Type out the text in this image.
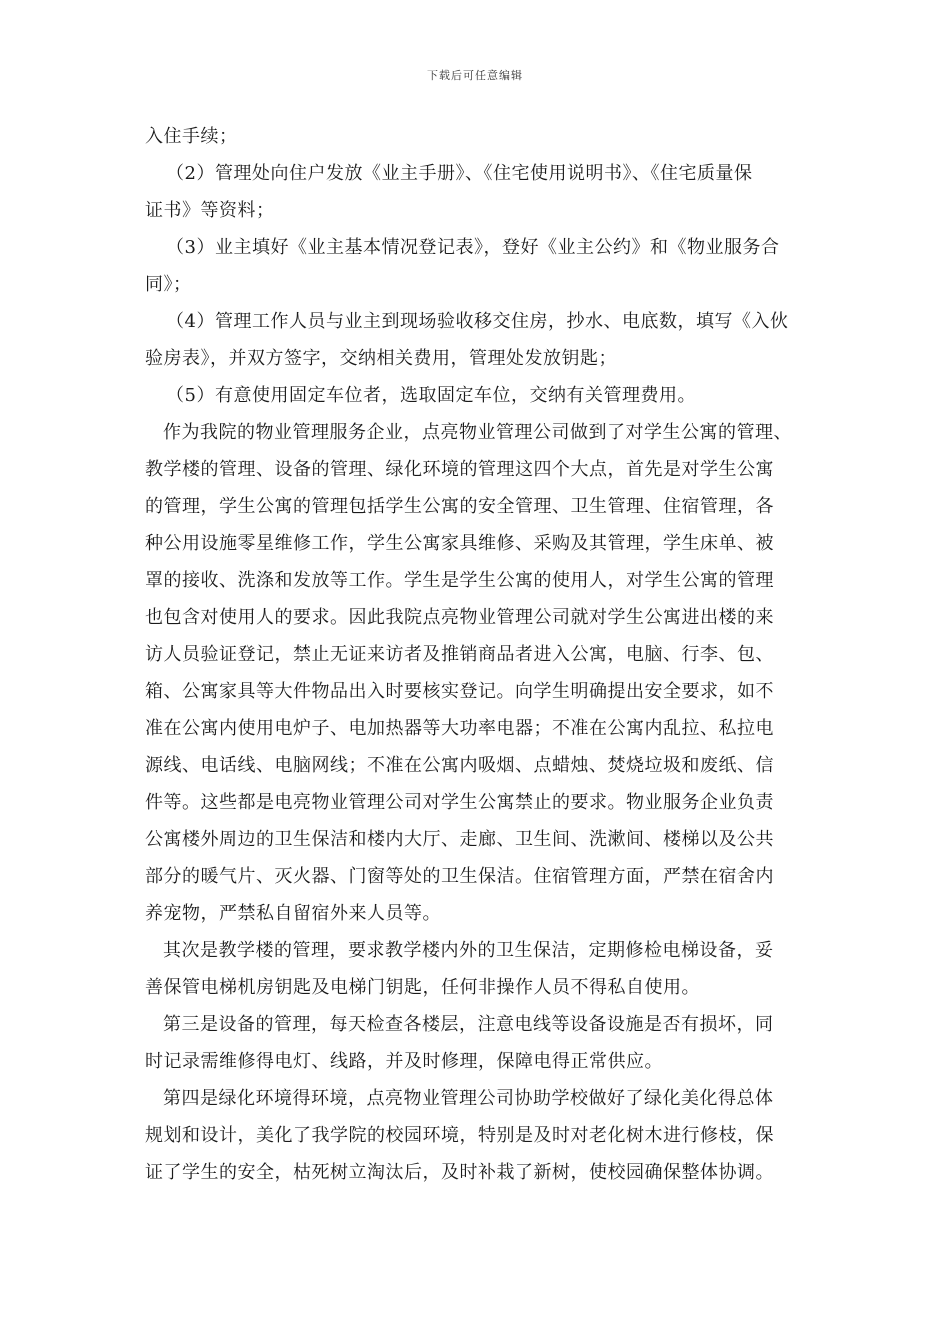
下载后可任意编辑
入住手续；
（2）管理处向住户发放《业主手册》、《住宅使用说明书》、《住宅质量保
证书》等资料；
（3）业主填好《业主基本情况登记表》，登好《业主公约》和《物业服务合
同》；
（4）管理工作人员与业主到现场验收移交住房，抄水、电底数，填写《入伙
验房表》，并双方签字，交纳相关费用，管理处发放钥匙；
（5）有意使用固定车位者，选取固定车位，交纳有关管理费用。
作为我院的物业管理服务企业，点亮物业管理公司做到了对学生公寓的管理、
教学楼的管理、设备的管理、绿化环境的管理这四个大点，首先是对学生公寓
的管理，学生公寓的管理包括学生公寓的安全管理、卫生管理、住宿管理，各
种公用设施零星维修工作，学生公寓家具维修、采购及其管理，学生床单、被
罩的接收、洗涤和发放等工作。学生是学生公寓的使用人，对学生公寓的管理
也包含对使用人的要求。因此我院点亮物业管理公司就对学生公寓进出楼的来
访人员验证登记，禁止无证来访者及推销商品者进入公寓，电脑、行李、包、
箱、公寓家具等大件物品出入时要核实登记。向学生明确提出安全要求，如不
准在公寓内使用电炉子、电加热器等大功率电器；不准在公寓内乱拉、私拉电
源线、电话线、电脑网线；不准在公寓内吸烟、点蜡烛、焚烧垃圾和废纸、信
件等。这些都是电亮物业管理公司对学生公寓禁止的要求。物业服务企业负责
公寓楼外周边的卫生保洁和楼内大厅、走廊、卫生间、洗漱间、楼梯以及公共
部分的暖气片、灭火器、门窗等处的卫生保洁。住宿管理方面，严禁在宿舍内
养宠物，严禁私自留宿外来人员等。
其次是教学楼的管理，要求教学楼内外的卫生保洁，定期修检电梯设备，妥
善保管电梯机房钥匙及电梯门钥匙，任何非操作人员不得私自使用。
第三是设备的管理，每天检查各楼层，注意电线等设备设施是否有损坏，同
时记录需维修得电灯、线路，并及时修理，保障电得正常供应。
第四是绿化环境得环境，点亮物业管理公司协助学校做好了绿化美化得总体
规划和设计，美化了我学院的校园环境，特别是及时对老化树木进行修枝，保
证了学生的安全，枯死树立淘汰后，及时补栽了新树，使校园确保整体协调。
